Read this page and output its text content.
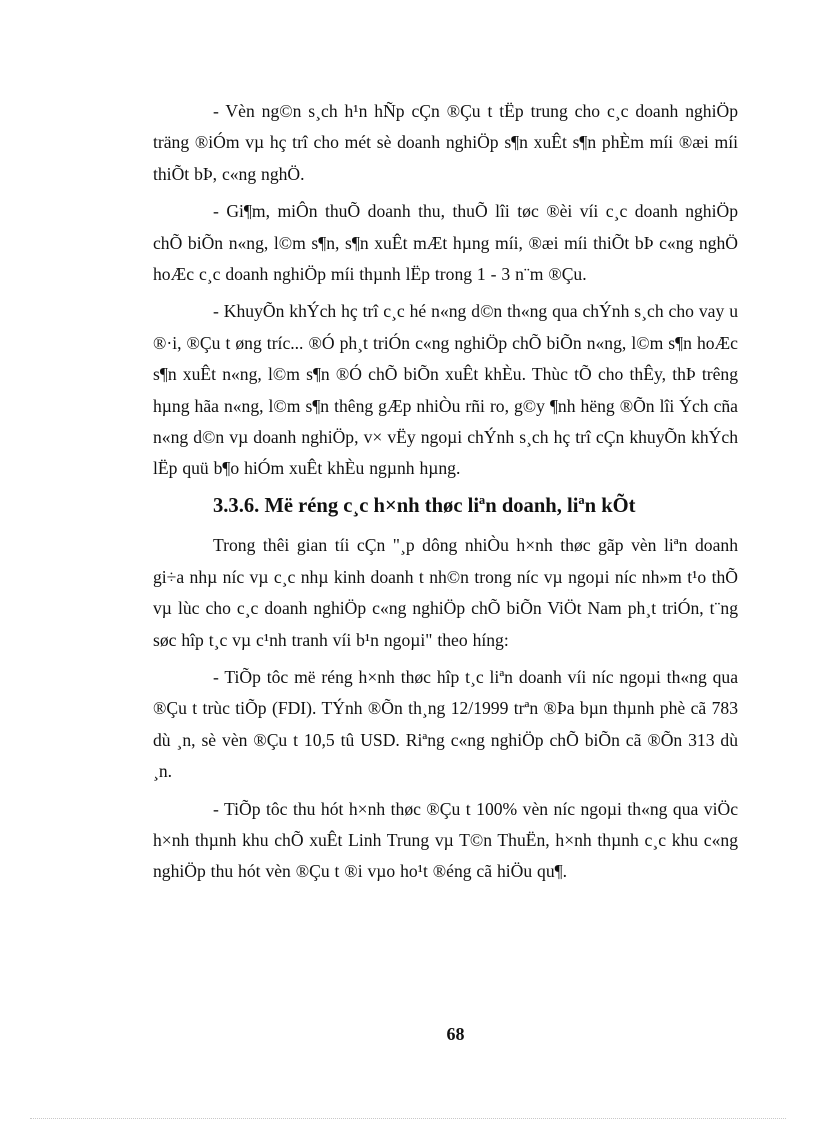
- Vèn ng©n s¸ch h¹n hÑp cÇn ®Çu t tËp trung cho c¸c doanh nghiÖp träng ®iÓm vµ hç trî cho mét sè doanh nghiÖp s¶n xuÊt s¶n phÈm míi ®æi míi thiÕt bÞ, c«ng nghÖ.

- Gi¶m, miÔn thuÕ doanh thu, thuÕ lîi tøc ®èi víi c¸c doanh nghiÖp chÕ biÕn n«ng, l©m s¶n, s¶n xuÊt mÆt hµng míi, ®æi míi thiÕt bÞ c«ng nghÖ hoÆc c¸c doanh nghiÖp míi thµnh lËp trong 1 - 3 n¨m ®Çu.

- KhuyÕn khÝch hç trî c¸c hé n«ng d©n th«ng qua chÝnh s¸ch cho vay u ®·i, ®Çu t øng tríc... ®Ó ph¸t triÓn c«ng nghiÖp chÕ biÕn n«ng, l©m s¶n hoÆc s¶n xuÊt n«ng, l©m s¶n ®Ó chÕ biÕn xuÊt khÈu. Thùc tÕ cho thÊy, thÞ trêng hµng hãa n«ng, l©m s¶n thêng gÆp nhiÒu rñi ro, g©y ¶nh hëng ®Õn lîi Ých cña n«ng d©n vµ doanh nghiÖp, v× vËy ngoµi chÝnh s¸ch hç trî cÇn khuyÕn khÝch lËp quü b¶o hiÓm xuÊt khÈu ngµnh hµng.

3.3.6. Më réng c¸c h×nh thøc liªn doanh, liªn kÕt

Trong thêi gian tíi cÇn "¸p dông nhiÒu h×nh thøc gãp vèn liªn doanh gi÷a nhµ níc vµ c¸c nhµ kinh doanh t nh©n trong níc vµ ngoµi níc nh»m t¹o thÕ vµ lùc cho c¸c doanh nghiÖp c«ng nghiÖp chÕ biÕn ViÖt Nam ph¸t triÓn, t¨ng søc hîp t¸c vµ c¹nh tranh víi b¹n ngoµi" theo híng:

- TiÕp tôc më réng h×nh thøc hîp t¸c liªn doanh víi níc ngoµi th«ng qua ®Çu t trùc tiÕp (FDI). TÝnh ®Õn th¸ng 12/1999 trªn ®Þa bµn thµnh phè cã 783 dù ¸n, sè vèn ®Çu t 10,5 tû USD. Riªng c«ng nghiÖp chÕ biÕn cã ®Õn 313 dù ¸n.

- TiÕp tôc thu hót h×nh thøc ®Çu t 100% vèn níc ngoµi th«ng qua viÖc h×nh thµnh khu chÕ xuÊt Linh Trung vµ T©n ThuËn, h×nh thµnh c¸c khu c«ng nghiÖp thu hót vèn ®Çu t ®i vµo ho¹t ®éng cã hiÖu qu¶.

68
